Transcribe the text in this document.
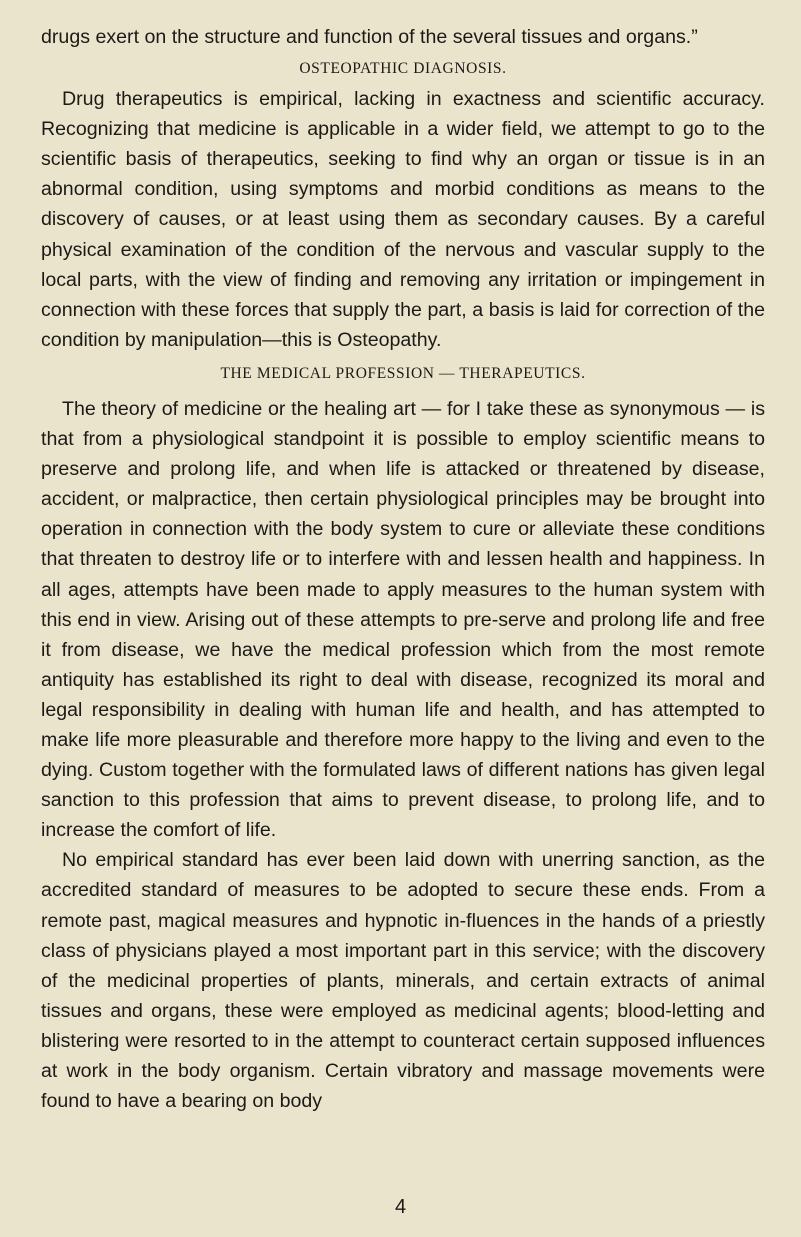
drugs exert on the structure and function of the several tissues and organs.”

OSTEOPATHIC DIAGNOSIS.

Drug therapeutics is empirical, lacking in exactness and scientific accuracy. Recognizing that medicine is applicable in a wider field, we attempt to go to the scientific basis of therapeutics, seeking to find why an organ or tissue is in an abnormal condition, using symptoms and morbid conditions as means to the discovery of causes, or at least using them as secondary causes. By a careful physical examination of the condition of the nervous and vascular supply to the local parts, with the view of finding and removing any irritation or impingement in connection with these forces that supply the part, a basis is laid for correction of the condition by manipulation—this is Osteopathy.

THE MEDICAL PROFESSION — THERAPEUTICS.

The theory of medicine or the healing art — for I take these as synonymous — is that from a physiological standpoint it is possible to employ scientific means to preserve and prolong life, and when life is attacked or threatened by disease, accident, or malpractice, then certain physiological principles may be brought into operation in connection with the body system to cure or alleviate these conditions that threaten to destroy life or to interfere with and lessen health and happiness. In all ages, attempts have been made to apply measures to the human system with this end in view. Arising out of these attempts to pre-serve and prolong life and free it from disease, we have the medical profession which from the most remote antiquity has established its right to deal with disease, recognized its moral and legal responsibility in dealing with human life and health, and has attempted to make life more pleasurable and therefore more happy to the living and even to the dying. Custom together with the formulated laws of different nations has given legal sanction to this profession that aims to prevent disease, to prolong life, and to increase the comfort of life.

No empirical standard has ever been laid down with unerring sanction, as the accredited standard of measures to be adopted to secure these ends. From a remote past, magical measures and hypnotic in-fluences in the hands of a priestly class of physicians played a most important part in this service; with the discovery of the medicinal properties of plants, minerals, and certain extracts of animal tissues and organs, these were employed as medicinal agents; blood-letting and blistering were resorted to in the attempt to counteract certain supposed influences at work in the body organism. Certain vibratory and massage movements were found to have a bearing on body

4
